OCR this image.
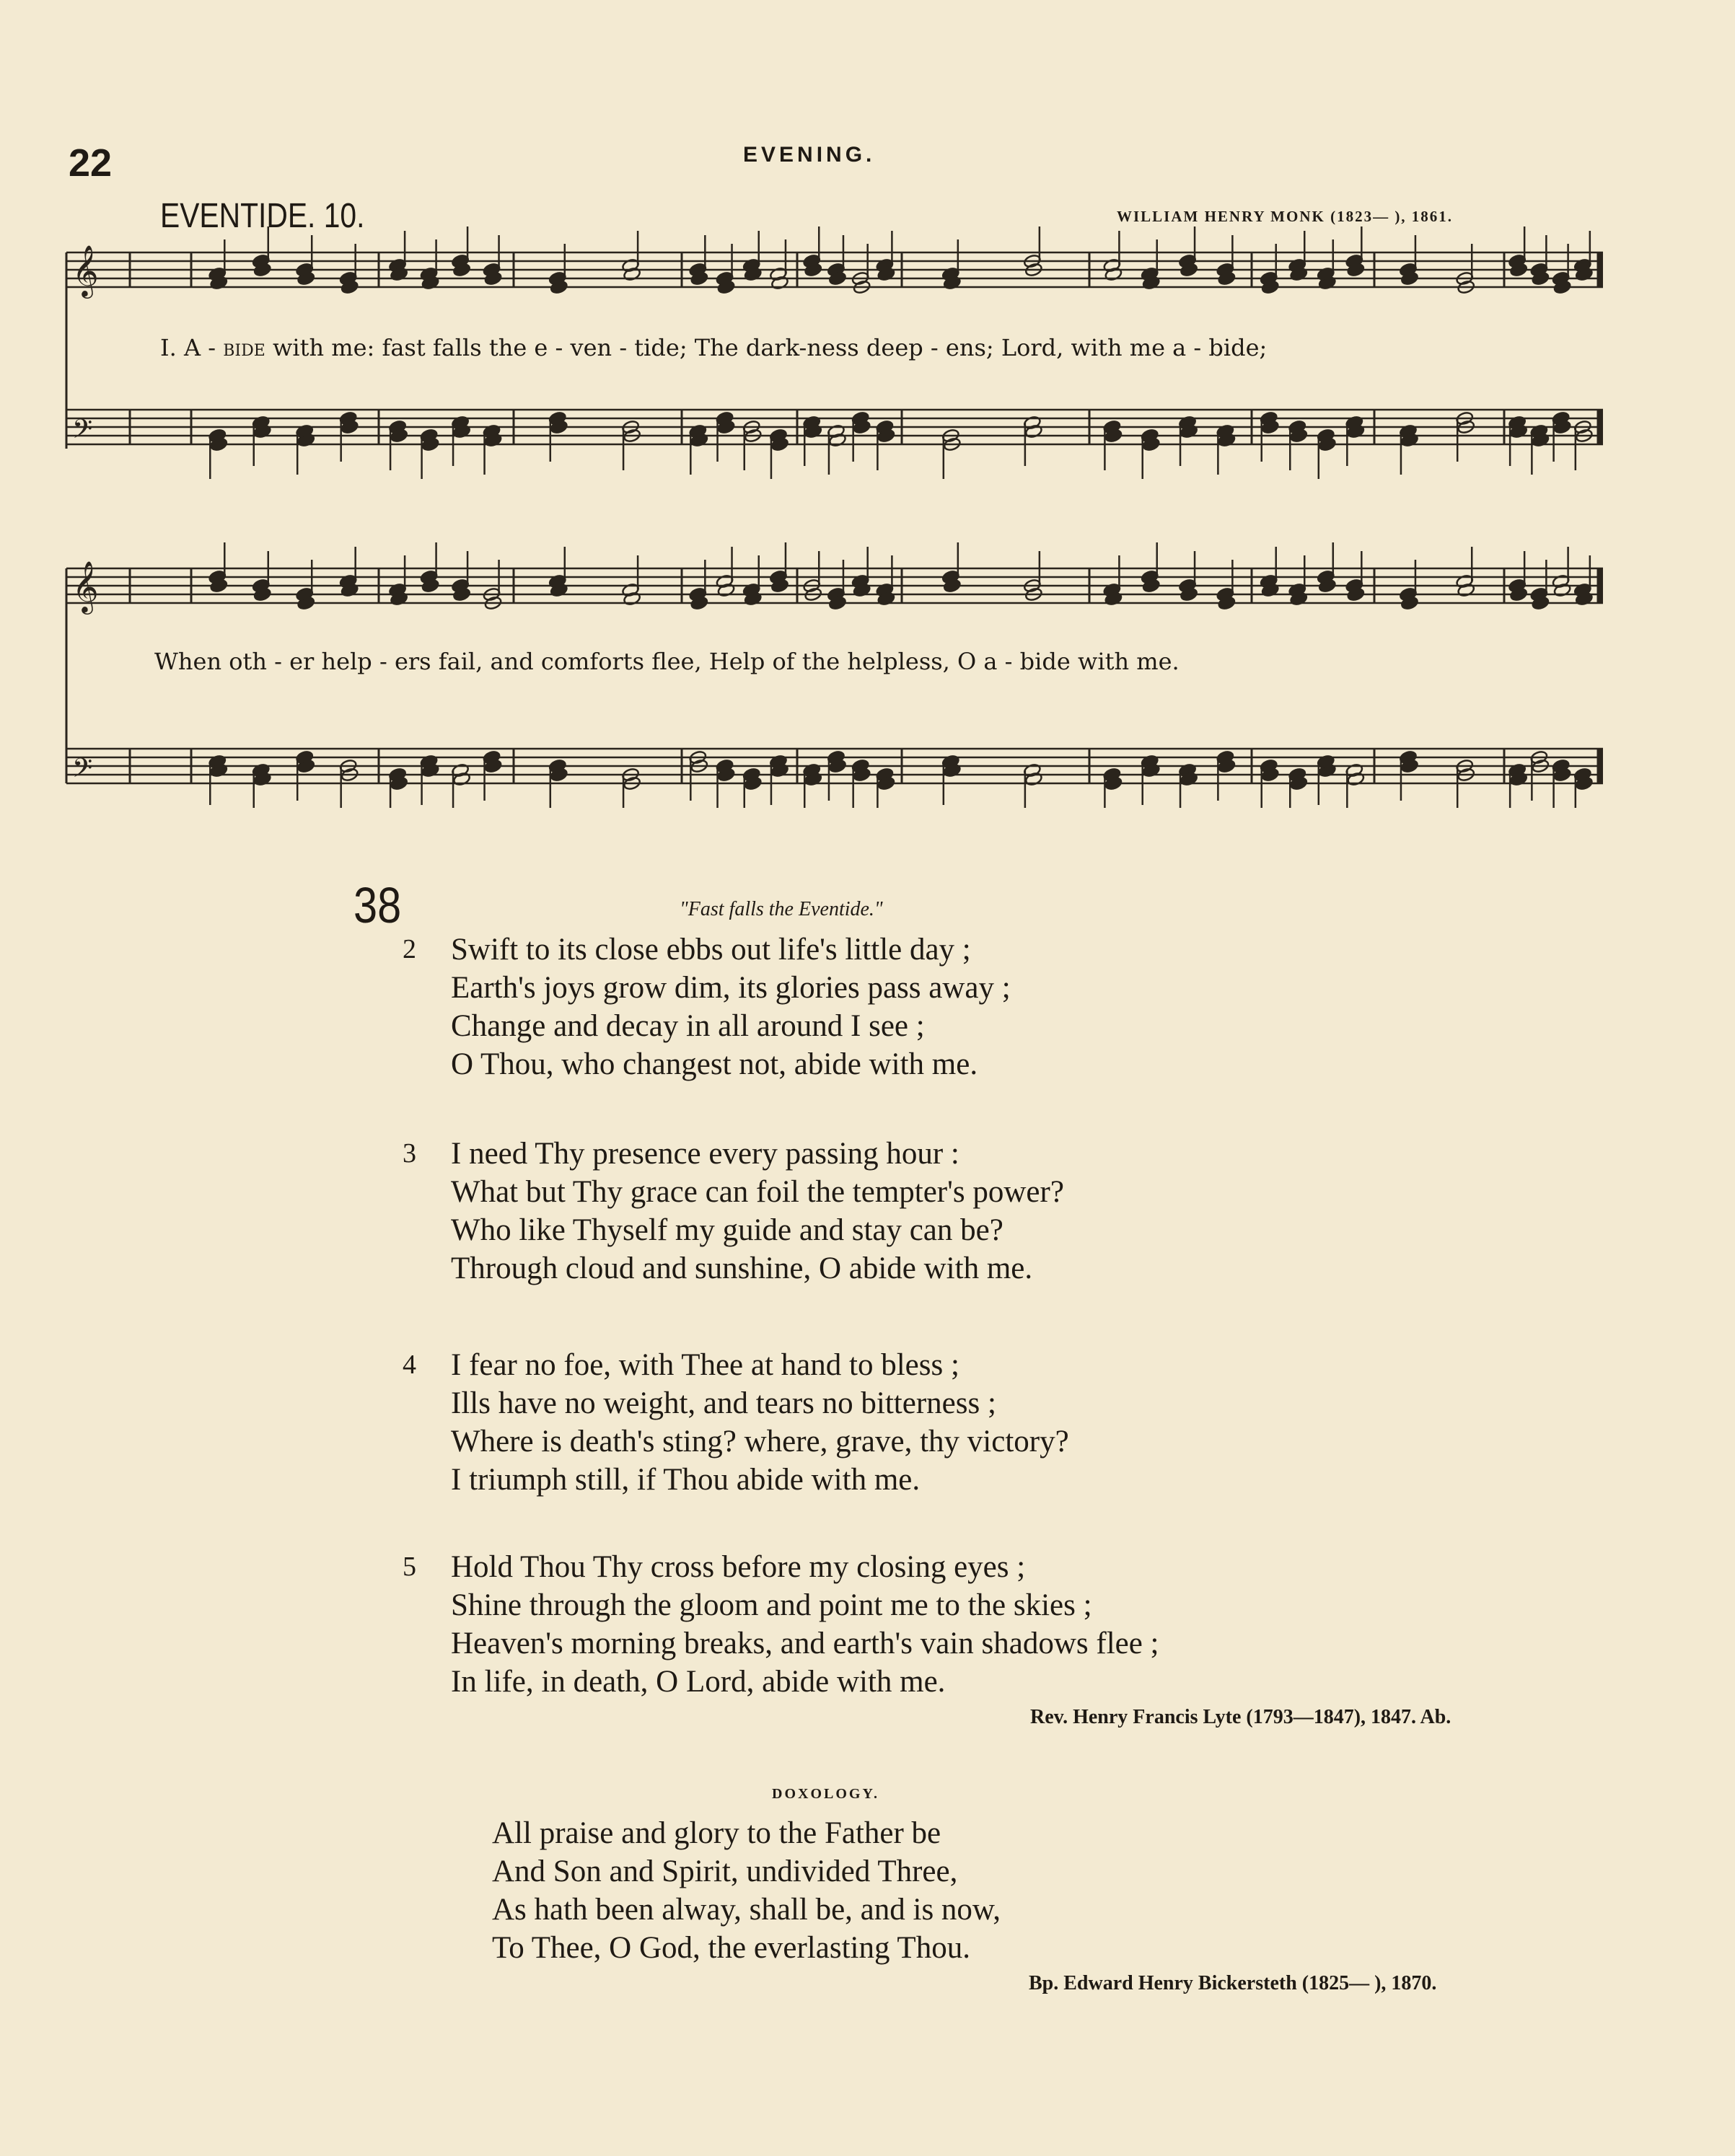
22	EVENING.
EVENTIDE. 10.	WILLIAM HENRY MONK (1823— ), 1861.
𝄞
𝄢
𝄞
𝄢
I. A - bide with me: fast falls the e - ven - tide; The dark-ness deep - ens; Lord, with me a - bide;
When oth - er help - ers fail, and comforts flee, Help of the helpless, O a - bide with me.
38	"Fast falls the Eventide."
2 Swift to its close ebbs out life's little day ;
Earth's joys grow dim, its glories pass away ;
Change and decay in all around I see ;
O Thou, who changest not, abide with me.
3 I need Thy presence every passing hour :
What but Thy grace can foil the tempter's power?
Who like Thyself my guide and stay can be?
Through cloud and sunshine, O abide with me.
4 I fear no foe, with Thee at hand to bless ;
Ills have no weight, and tears no bitterness ;
Where is death's sting? where, grave, thy victory?
I triumph still, if Thou abide with me.
5 Hold Thou Thy cross before my closing eyes ;
Shine through the gloom and point me to the skies ;
Heaven's morning breaks, and earth's vain shadows flee ;
In life, in death, O Lord, abide with me.
Rev. Henry Francis Lyte (1793—1847), 1847. Ab.
DOXOLOGY.
All praise and glory to the Father be
And Son and Spirit, undivided Three,
As hath been alway, shall be, and is now,
To Thee, O God, the everlasting Thou.
Bp. Edward Henry Bickersteth (1825— ), 1870.
